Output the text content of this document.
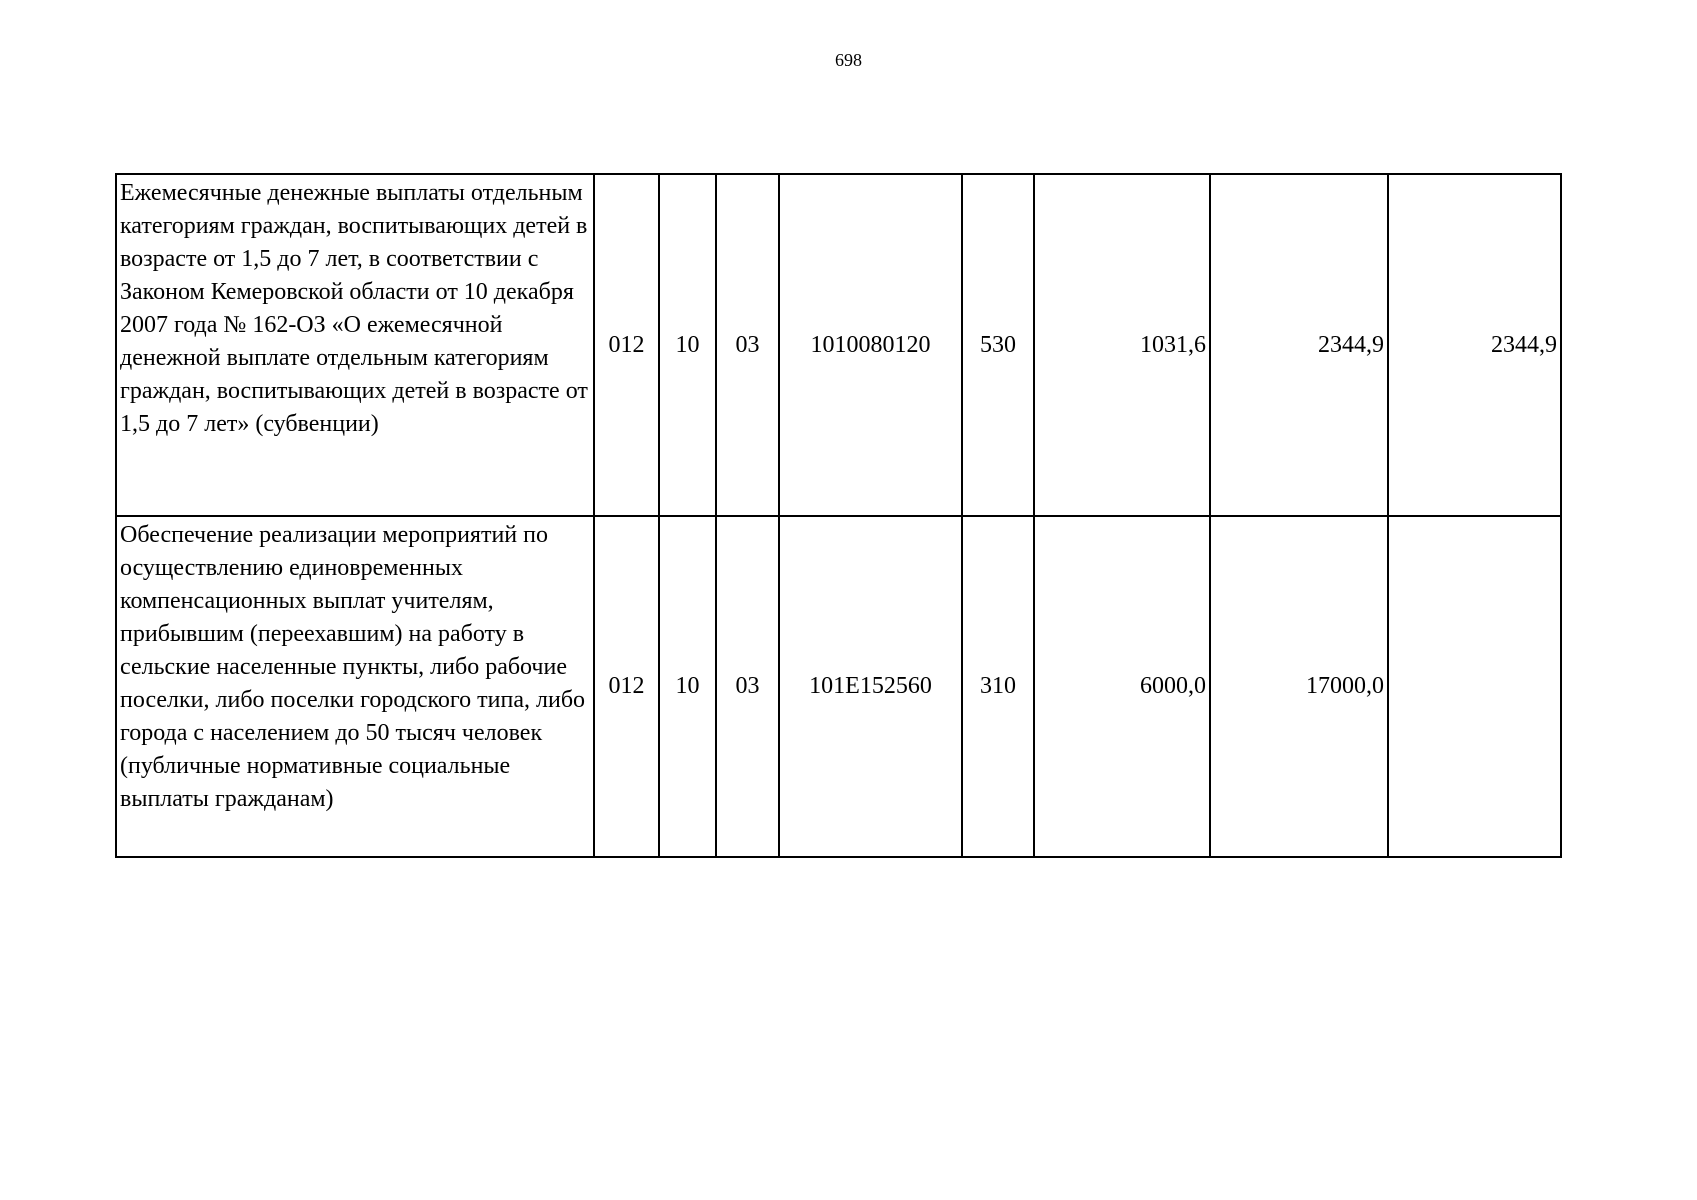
698
Ежемесячные денежные выплаты отдельным категориям граждан, воспитывающих детей в возрасте от 1,5 до 7 лет, в соответствии с Законом Кемеровской области от 10 декабря 2007 года № 162-ОЗ «О ежемесячной денежной выплате отдельным категориям граждан, воспитывающих детей в возрасте от 1,5 до 7 лет» (субвенции)	012	10	03	1010080120	530	1031,6	2344,9	2344,9
Обеспечение реализации мероприятий по осуществлению единовременных компенсационных выплат учителям, прибывшим (переехавшим) на работу в сельские населенные пункты, либо рабочие поселки, либо поселки городского типа, либо города с населением до 50 тысяч человек (публичные нормативные социальные выплаты гражданам)	012	10	03	101E152560	310	6000,0	17000,0	
